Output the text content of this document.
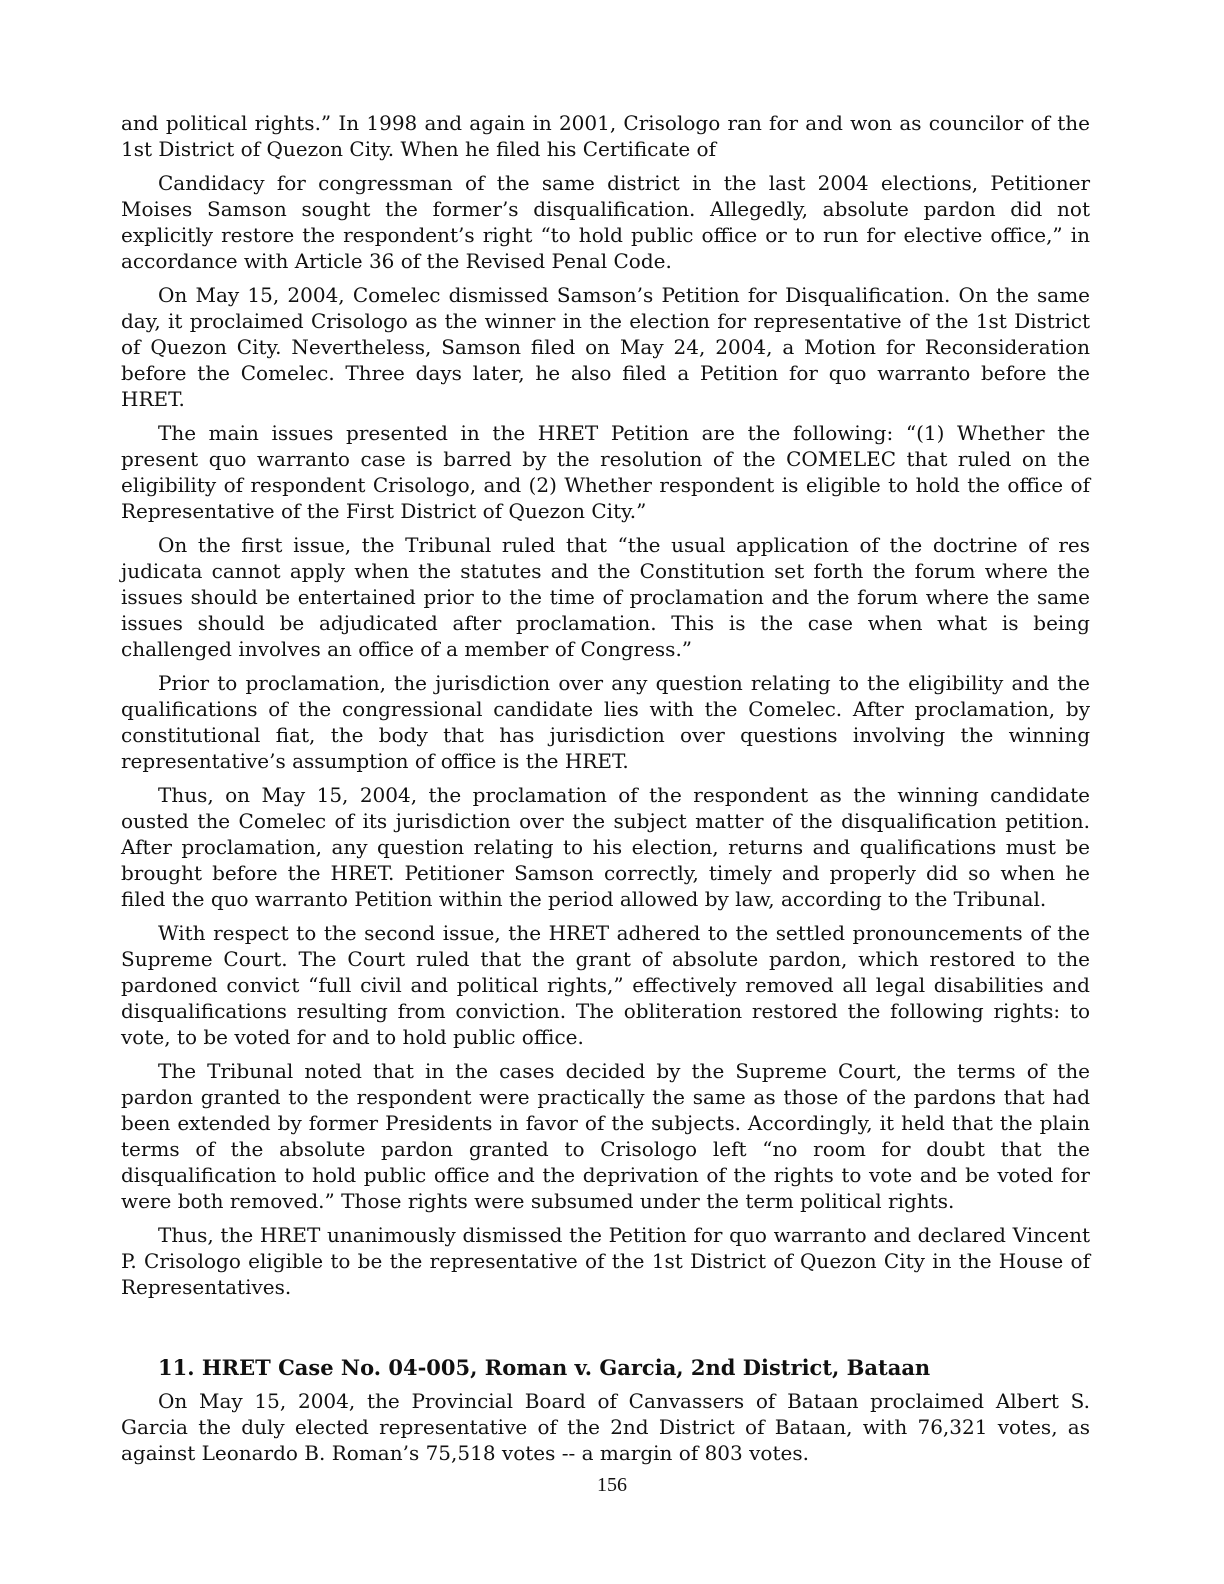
and political rights.” In 1998 and again in 2001, Crisologo ran for and won as councilor of the 1st District of Quezon City. When he filed his Certificate of

Candidacy for congressman of the same district in the last 2004 elections, Petitioner Moises Samson sought the former’s disqualification. Allegedly, absolute pardon did not explicitly restore the respondent’s right “to hold public office or to run for elective office,” in accordance with Article 36 of the Revised Penal Code.

On May 15, 2004, Comelec dismissed Samson’s Petition for Disqualification. On the same day, it proclaimed Crisologo as the winner in the election for representative of the 1st District of Quezon City. Nevertheless, Samson filed on May 24, 2004, a Motion for Reconsideration before the Comelec. Three days later, he also filed a Petition for quo warranto before the HRET.

The main issues presented in the HRET Petition are the following: “(1) Whether the present quo warranto case is barred by the resolution of the COMELEC that ruled on the eligibility of respondent Crisologo, and (2) Whether respondent is eligible to hold the office of Representative of the First District of Quezon City.”

On the first issue, the Tribunal ruled that “the usual application of the doctrine of res judicata cannot apply when the statutes and the Constitution set forth the forum where the issues should be entertained prior to the time of proclamation and the forum where the same issues should be adjudicated after proclamation. This is the case when what is being challenged involves an office of a member of Congress.”

Prior to proclamation, the jurisdiction over any question relating to the eligibility and the qualifications of the congressional candidate lies with the Comelec. After proclamation, by constitutional fiat, the body that has jurisdiction over questions involving the winning representative’s assumption of office is the HRET.

Thus, on May 15, 2004, the proclamation of the respondent as the winning candidate ousted the Comelec of its jurisdiction over the subject matter of the disqualification petition. After proclamation, any question relating to his election, returns and qualifications must be brought before the HRET. Petitioner Samson correctly, timely and properly did so when he filed the quo warranto Petition within the period allowed by law, according to the Tribunal.

With respect to the second issue, the HRET adhered to the settled pronouncements of the Supreme Court. The Court ruled that the grant of absolute pardon, which restored to the pardoned convict “full civil and political rights,” effectively removed all legal disabilities and disqualifications resulting from conviction. The obliteration restored the following rights: to vote, to be voted for and to hold public office.

The Tribunal noted that in the cases decided by the Supreme Court, the terms of the pardon granted to the respondent were practically the same as those of the pardons that had been extended by former Presidents in favor of the subjects. Accordingly, it held that the plain terms of the absolute pardon granted to Crisologo left “no room for doubt that the disqualification to hold public office and the deprivation of the rights to vote and be voted for were both removed.” Those rights were subsumed under the term political rights.

Thus, the HRET unanimously dismissed the Petition for quo warranto and declared Vincent P. Crisologo eligible to be the representative of the 1st District of Quezon City in the House of Representatives.

11. HRET Case No. 04-005, Roman v. Garcia, 2nd District, Bataan

On May 15, 2004, the Provincial Board of Canvassers of Bataan proclaimed Albert S. Garcia the duly elected representative of the 2nd District of Bataan, with 76,321 votes, as against Leonardo B. Roman’s 75,518 votes -- a margin of 803 votes.

156
